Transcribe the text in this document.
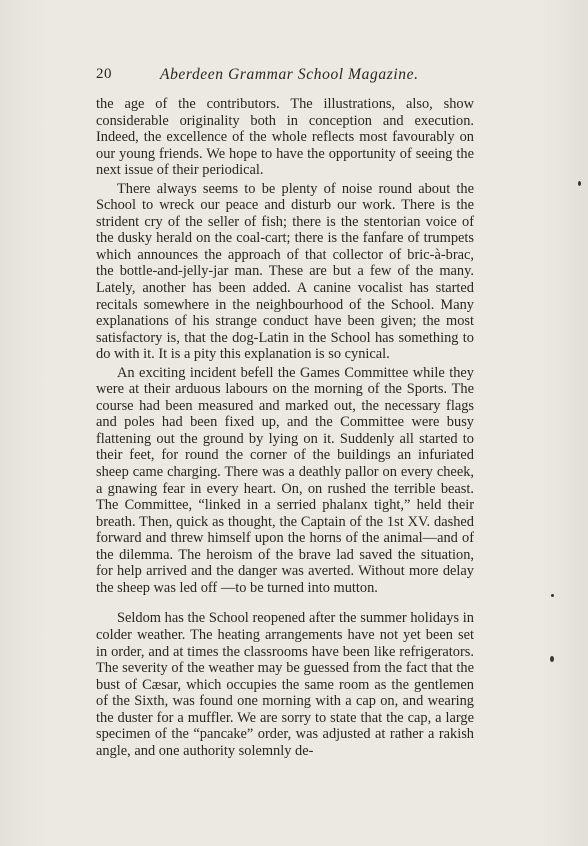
20	Aberdeen Grammar School Magazine.

the age of the contributors. The illustrations, also, show considerable originality both in conception and execution. Indeed, the excellence of the whole reflects most favourably on our young friends. We hope to have the opportunity of seeing the next issue of their periodical.

There always seems to be plenty of noise round about the School to wreck our peace and disturb our work. There is the strident cry of the seller of fish; there is the stentorian voice of the dusky herald on the coal-cart; there is the fanfare of trumpets which announces the approach of that collector of bric-à-brac, the bottle-and-jelly-jar man. These are but a few of the many. Lately, another has been added. A canine vocalist has started recitals somewhere in the neighbourhood of the School. Many explanations of his strange conduct have been given; the most satisfactory is, that the dog-Latin in the School has something to do with it. It is a pity this explanation is so cynical.

An exciting incident befell the Games Committee while they were at their arduous labours on the morning of the Sports. The course had been measured and marked out, the necessary flags and poles had been fixed up, and the Committee were busy flattening out the ground by lying on it. Suddenly all started to their feet, for round the corner of the buildings an infuriated sheep came charging. There was a deathly pallor on every cheek, a gnawing fear in every heart. On, on rushed the terrible beast. The Committee, “linked in a serried phalanx tight,” held their breath. Then, quick as thought, the Captain of the 1st XV. dashed forward and threw himself upon the horns of the animal—and of the dilemma. The heroism of the brave lad saved the situation, for help arrived and the danger was averted. Without more delay the sheep was led off —to be turned into mutton.

Seldom has the School reopened after the summer holidays in colder weather. The heating arrangements have not yet been set in order, and at times the classrooms have been like refrigerators. The severity of the weather may be guessed from the fact that the bust of Cæsar, which occupies the same room as the gentlemen of the Sixth, was found one morning with a cap on, and wearing the duster for a muffler. We are sorry to state that the cap, a large specimen of the “pancake” order, was adjusted at rather a rakish angle, and one authority solemnly de-
